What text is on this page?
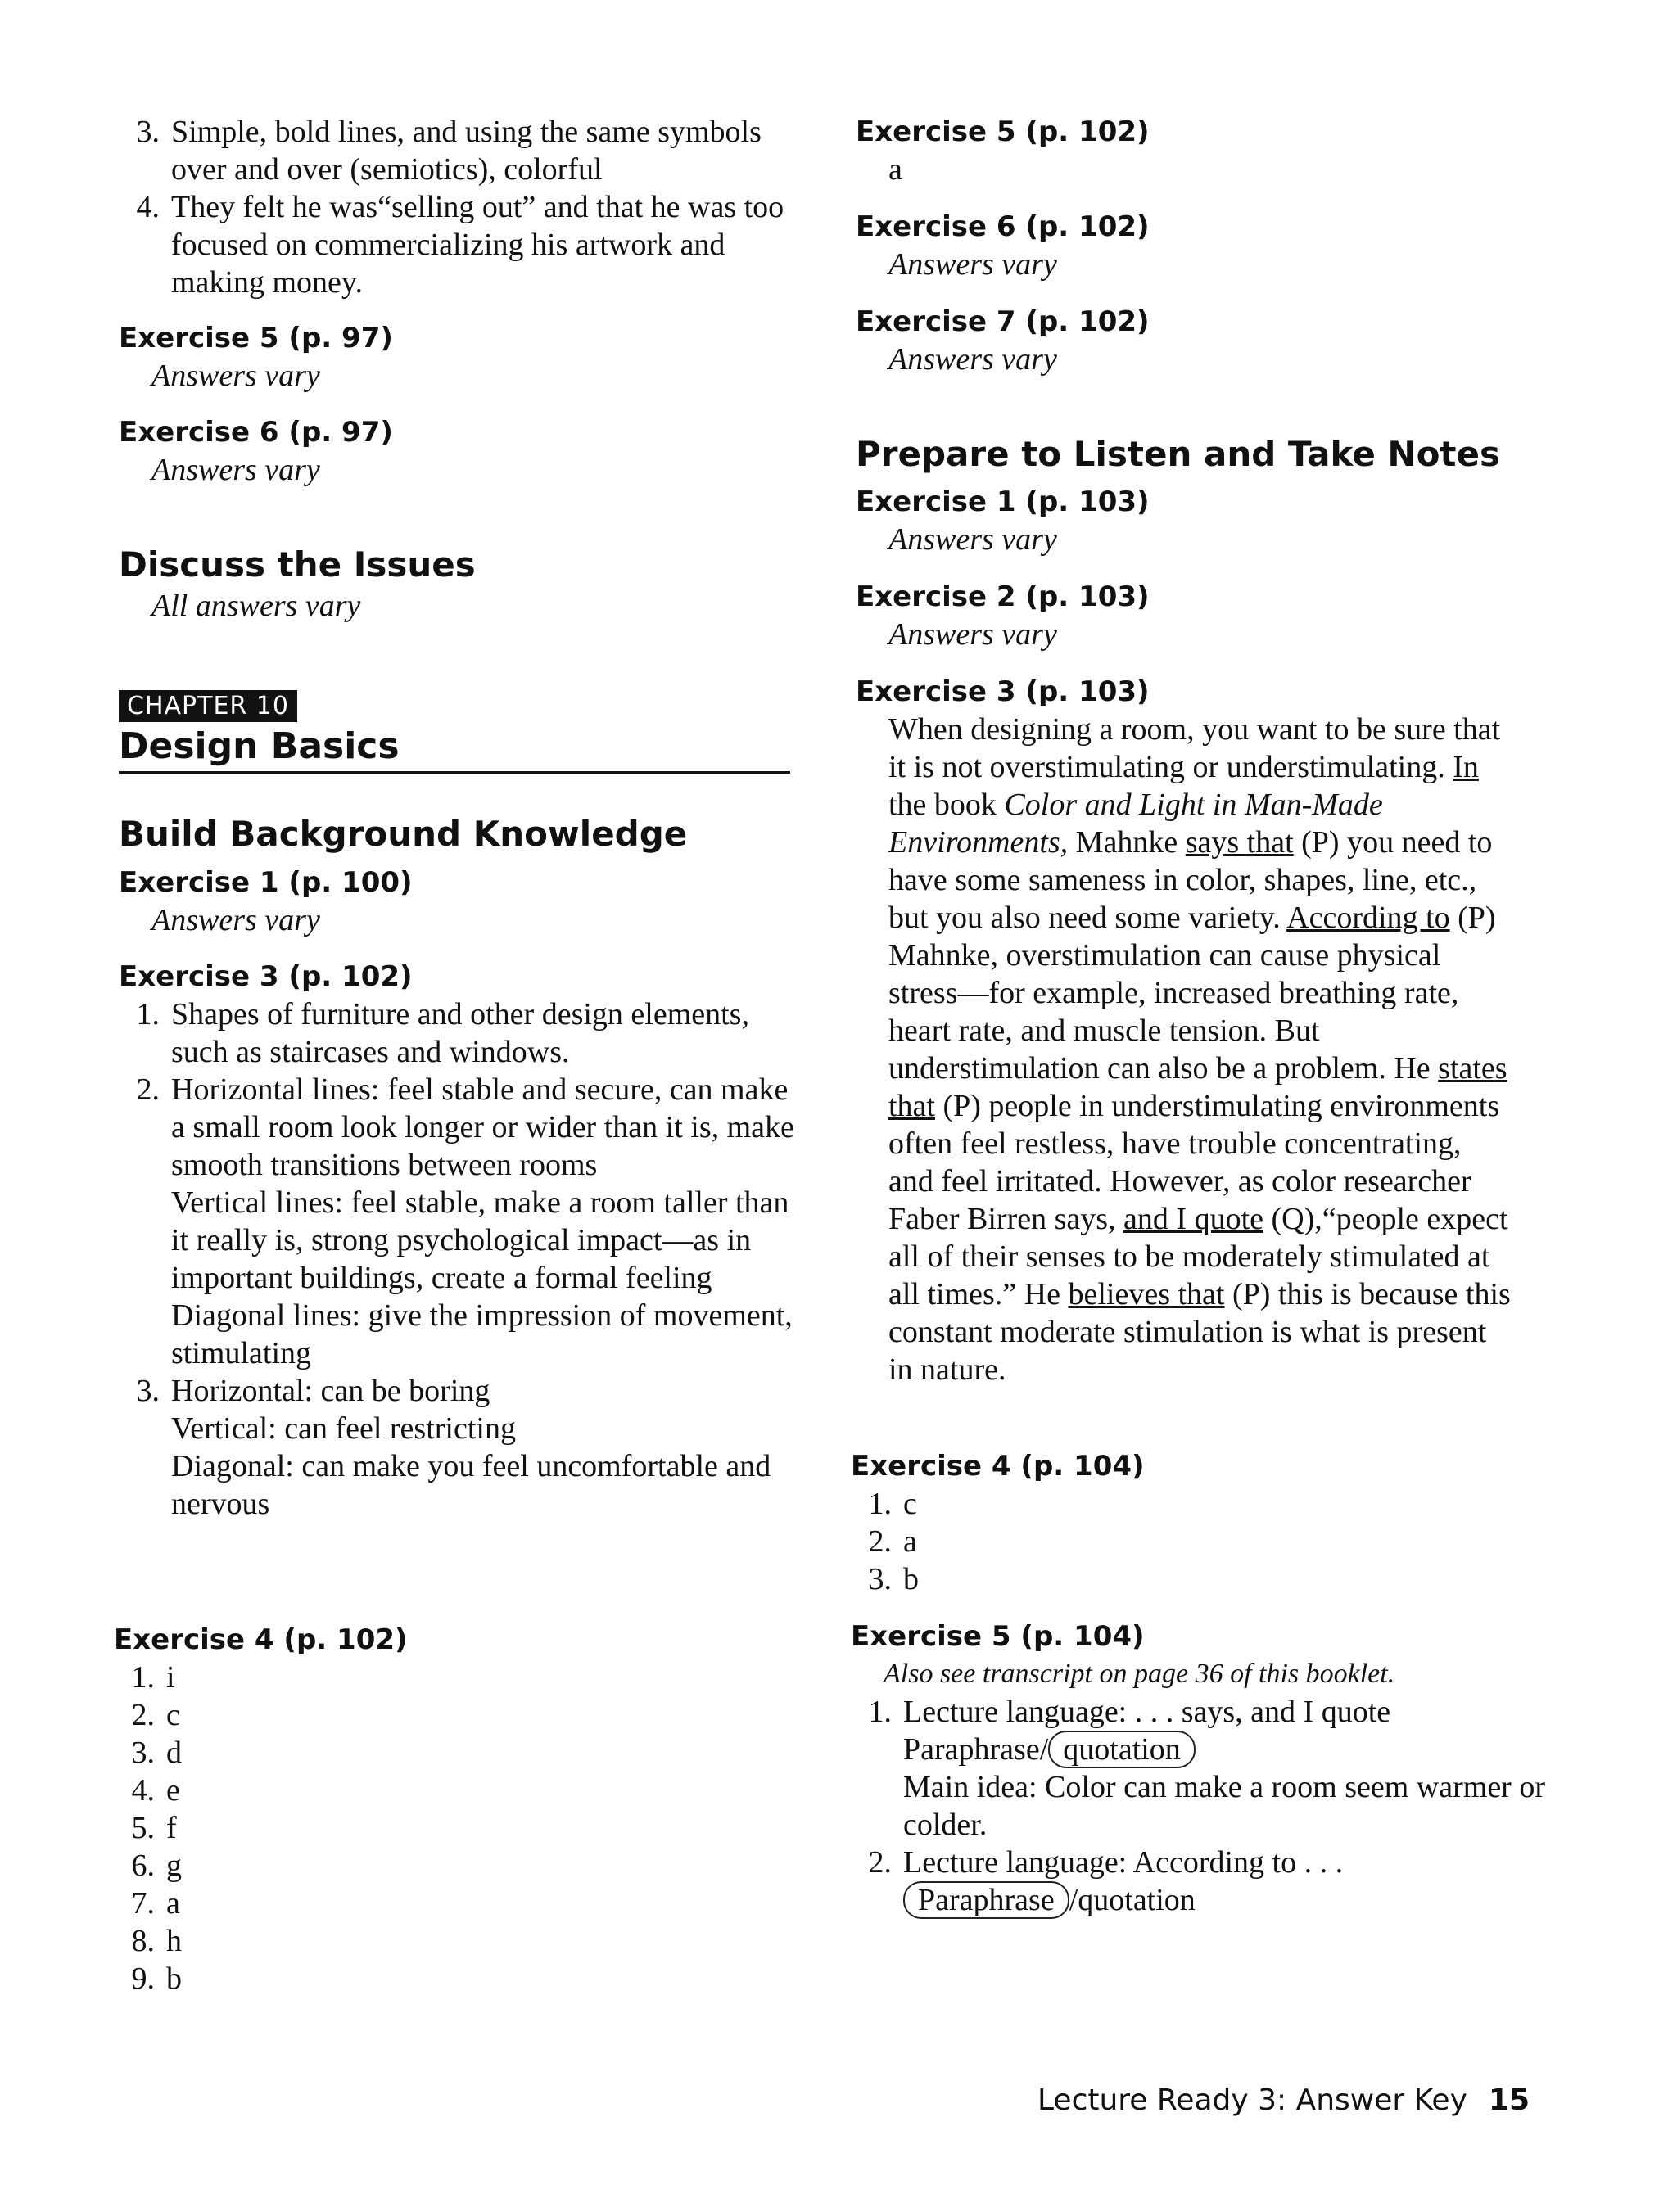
3. Simple, bold lines, and using the same symbols over and over (semiotics), colorful
4. They felt he was“selling out” and that he was too focused on commercializing his artwork and making money.
Exercise 5 (p. 97)
Answers vary
Exercise 6 (p. 97)
Answers vary
Discuss the Issues
All answers vary
CHAPTER 10
Design Basics
Build Background Knowledge
Exercise 1 (p. 100)
Answers vary
Exercise 3 (p. 102)
1. Shapes of furniture and other design elements, such as staircases and windows.
2. Horizontal lines: feel stable and secure, can make a small room look longer or wider than it is, make smooth transitions between rooms
Vertical lines: feel stable, make a room taller than it really is, strong psychological impact—as in important buildings, create a formal feeling
Diagonal lines: give the impression of movement, stimulating
3. Horizontal: can be boring
Vertical: can feel restricting
Diagonal: can make you feel uncomfortable and nervous
Exercise 4 (p. 102)
1. i
2. c
3. d
4. e
5. f
6. g
7. a
8. h
9. b
Exercise 5 (p. 102)
a
Exercise 6 (p. 102)
Answers vary
Exercise 7 (p. 102)
Answers vary
Prepare to Listen and Take Notes
Exercise 1 (p. 103)
Answers vary
Exercise 2 (p. 103)
Answers vary
Exercise 3 (p. 103)

When designing a room, you want to be sure that it is not overstimulating or understimulating. In the book Color and Light in Man-Made Environments, Mahnke says that (P) you need to have some sameness in color, shapes, line, etc., but you also need some variety. According to (P) Mahnke, overstimulation can cause physical stress—for example, increased breathing rate, heart rate, and muscle tension. But understimulation can also be a problem. He states that (P) people in understimulating environments often feel restless, have trouble concentrating, and feel irritated. However, as color researcher Faber Birren says, and I quote (Q),“people expect all of their senses to be moderately stimulated at all times.” He believes that (P) this is because this constant moderate stimulation is what is present in nature.

Exercise 4 (p. 104)
1. c
2. a
3. b
Exercise 5 (p. 104)
Also see transcript on page 36 of this booklet.
1. Lecture language: . . . says, and I quote
Paraphrase/ quotation
Main idea: Color can make a room seem warmer or colder.
2. Lecture language: According to . . .
Paraphrase /quotation
Lecture Ready 3: Answer Key 15
